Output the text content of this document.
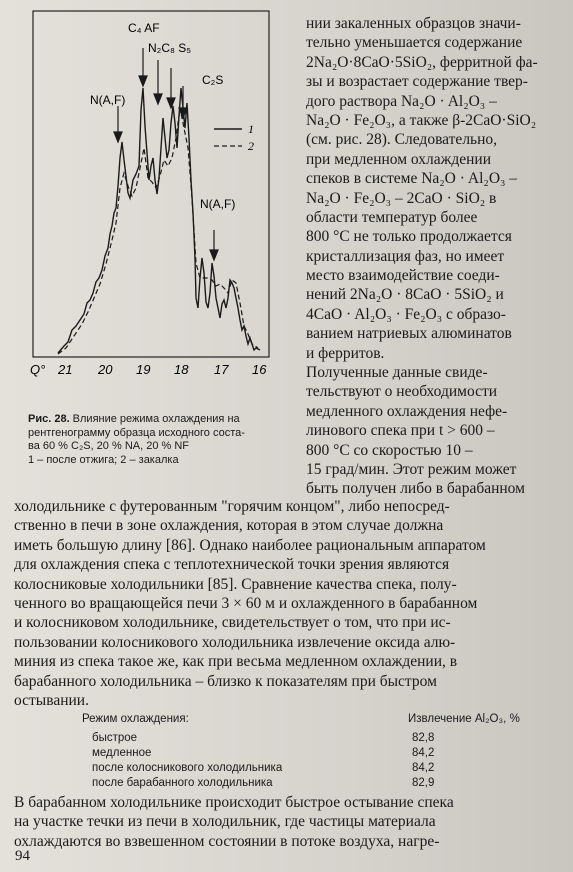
C₄ AF
N₂C₈ S₅
C₂S
N(A,F)
N(A,F)
1
2
Q° 21 20 19 18 17 16
Рис. 28. Влияние режима охлаждения на
рентгенограмму образца исходного соста-
ва 60 % C₂S, 20 % NA, 20 % NF
1 – после отжига; 2 – закалка
нии закаленных образцов значи-
тельно уменьшается содержание
2Na₂O·8CaO·5SiO₂, ферритной фа-
зы и возрастает содержание твер-
дого раствора Na₂O · Al₂O₃ –
Na₂O · Fe₂O₃, а также β-2CaO·SiO₂
(см. рис. 28). Следовательно,
при медленном охлаждении
спеков в системе Na₂O · Al₂O₃ –
Na₂O · Fe₂O₃ – 2CaO · SiO₂ в
области температур более
800 °C не только продолжается
кристаллизация фаз, но имеет
место взаимодействие соеди-
нений 2Na₂O · 8CaO · 5SiO₂ и
4CaO · Al₂O₃ · Fe₂O₃ с образо-
ванием натриевых алюминатов
и ферритов.
Полученные данные свиде-
тельствуют о необходимости
медленного охлаждения нефе-
линового спека при t > 600 –
800 °C со скоростью 10 –
15 град/мин. Этот режим может
быть получен либо в барабанном
холодильнике с футерованным "горячим концом", либо непосред-
ственно в печи в зоне охлаждения, которая в этом случае должна
иметь большую длину [86]. Однако наиболее рациональным аппаратом
для охлаждения спека с теплотехнической точки зрения являются
колосниковые холодильники [85]. Сравнение качества спека, полу-
ченного во вращающейся печи 3 × 60 м и охлажденного в барабанном
и колосниковом холодильнике, свидетельствует о том, что при ис-
пользовании колосникового холодильника извлечение оксида алю-
миния из спека такое же, как при весьма медленном охлаждении, в
барабанного холодильника – близко к показателям при быстром
остывании.
Режим охлаждения:	Извлечение Al₂O₃, %
быстрое	82,8
медленное	84,2
после колосникового холодильника	84,2
после барабанного холодильника	82,9
В барабанном холодильнике происходит быстрое остывание спека
на участке течки из печи в холодильник, где частицы материала
охлаждаются во взвешенном состоянии в потоке воздуха, нагре-
94
